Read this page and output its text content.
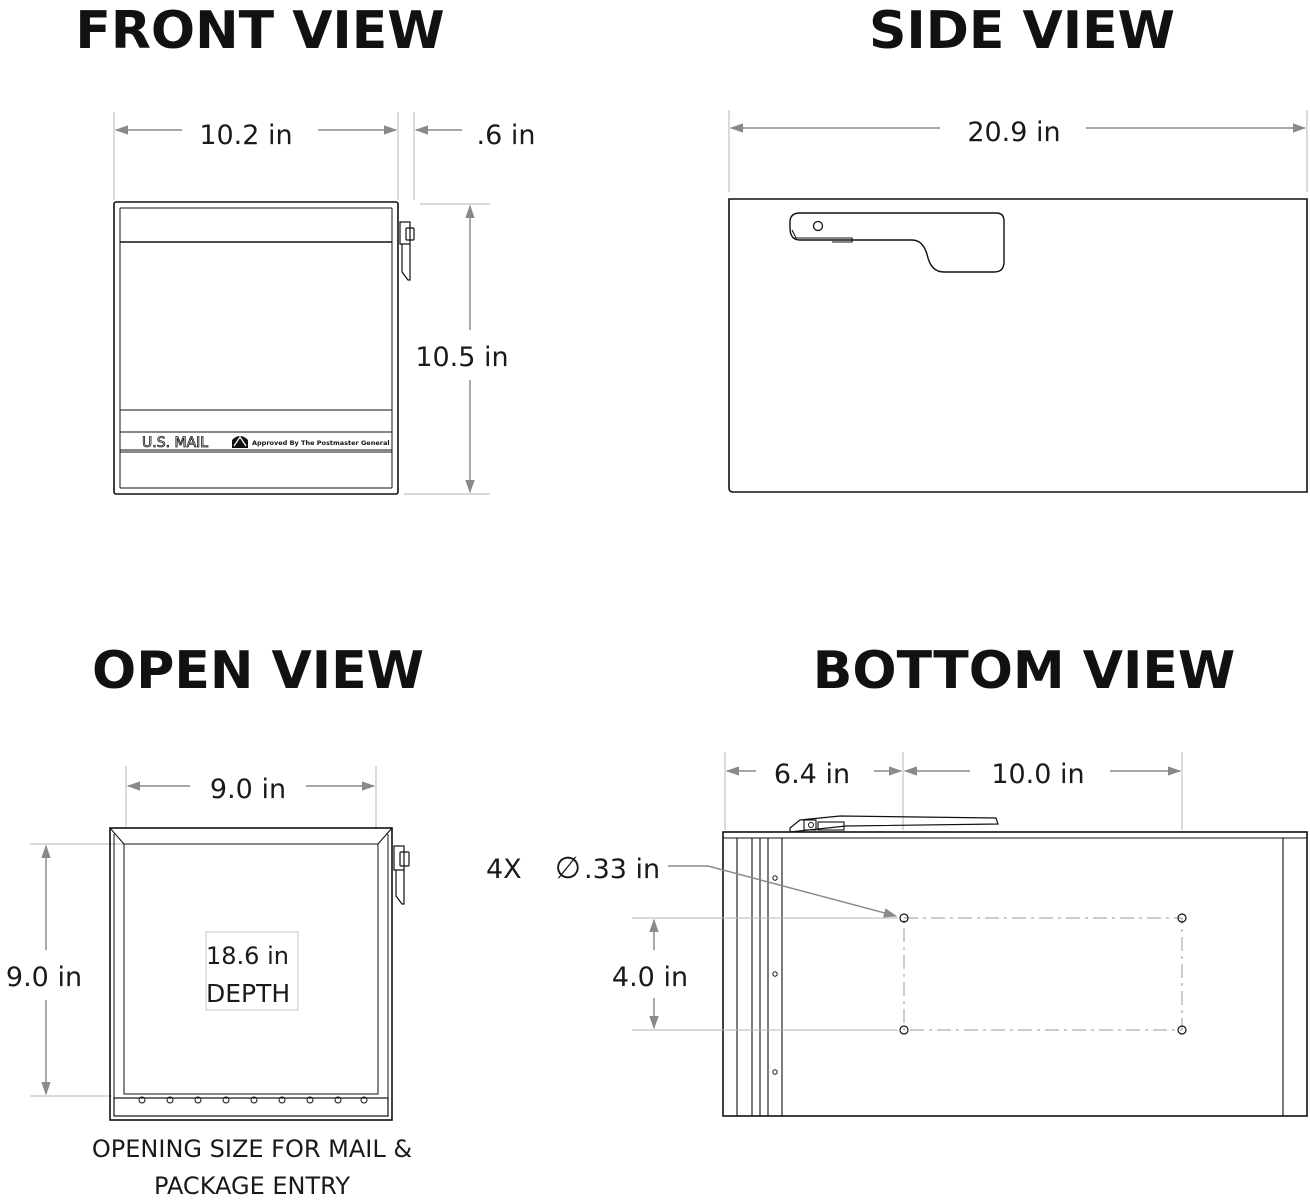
FRONT VIEW
10.2 in	.6 in
10.5 in
U.S. MAIL	Approved By The Postmaster General
SIDE VIEW
20.9 in
OPEN VIEW
9.0 in
9.0 in
18.6 in
DEPTH
OPENING SIZE FOR MAIL &
PACKAGE ENTRY
BOTTOM VIEW
6.4 in	10.0 in
4X ∅ .33 in
4.0 in
